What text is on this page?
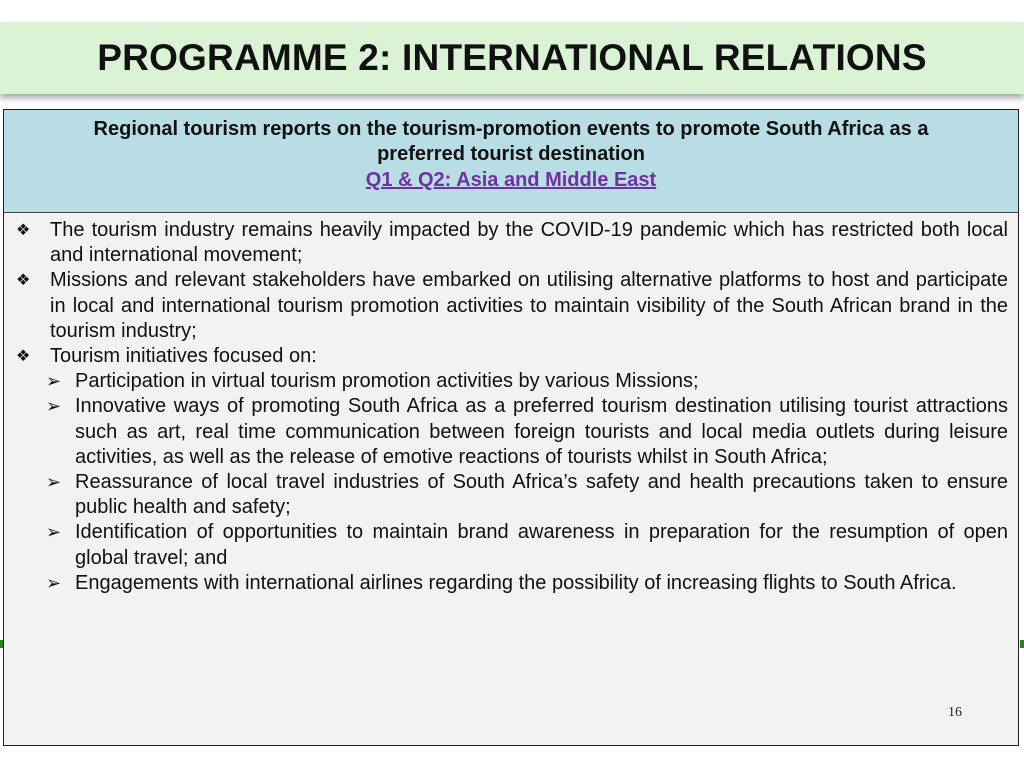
PROGRAMME 2: INTERNATIONAL RELATIONS
Regional tourism reports on the tourism-promotion events to promote South Africa as a
preferred tourist destination
Q1 & Q2: Asia and Middle East
❖ The tourism industry remains heavily impacted by the COVID-19 pandemic which has restricted both local and international movement;
❖ Missions and relevant stakeholders have embarked on utilising alternative platforms to host and participate in local and international tourism promotion activities to maintain visibility of the South African brand in the tourism industry;
❖ Tourism initiatives focused on:
➢ Participation in virtual tourism promotion activities by various Missions;
➢ Innovative ways of promoting South Africa as a preferred tourism destination utilising tourist attractions such as art, real time communication between foreign tourists and local media outlets during leisure activities, as well as the release of emotive reactions of tourists whilst in South Africa;
➢ Reassurance of local travel industries of South Africa’s safety and health precautions taken to ensure public health and safety;
➢ Identification of opportunities to maintain brand awareness in preparation for the resumption of open global travel; and
➢ Engagements with international airlines regarding the possibility of increasing flights to South Africa.
16
